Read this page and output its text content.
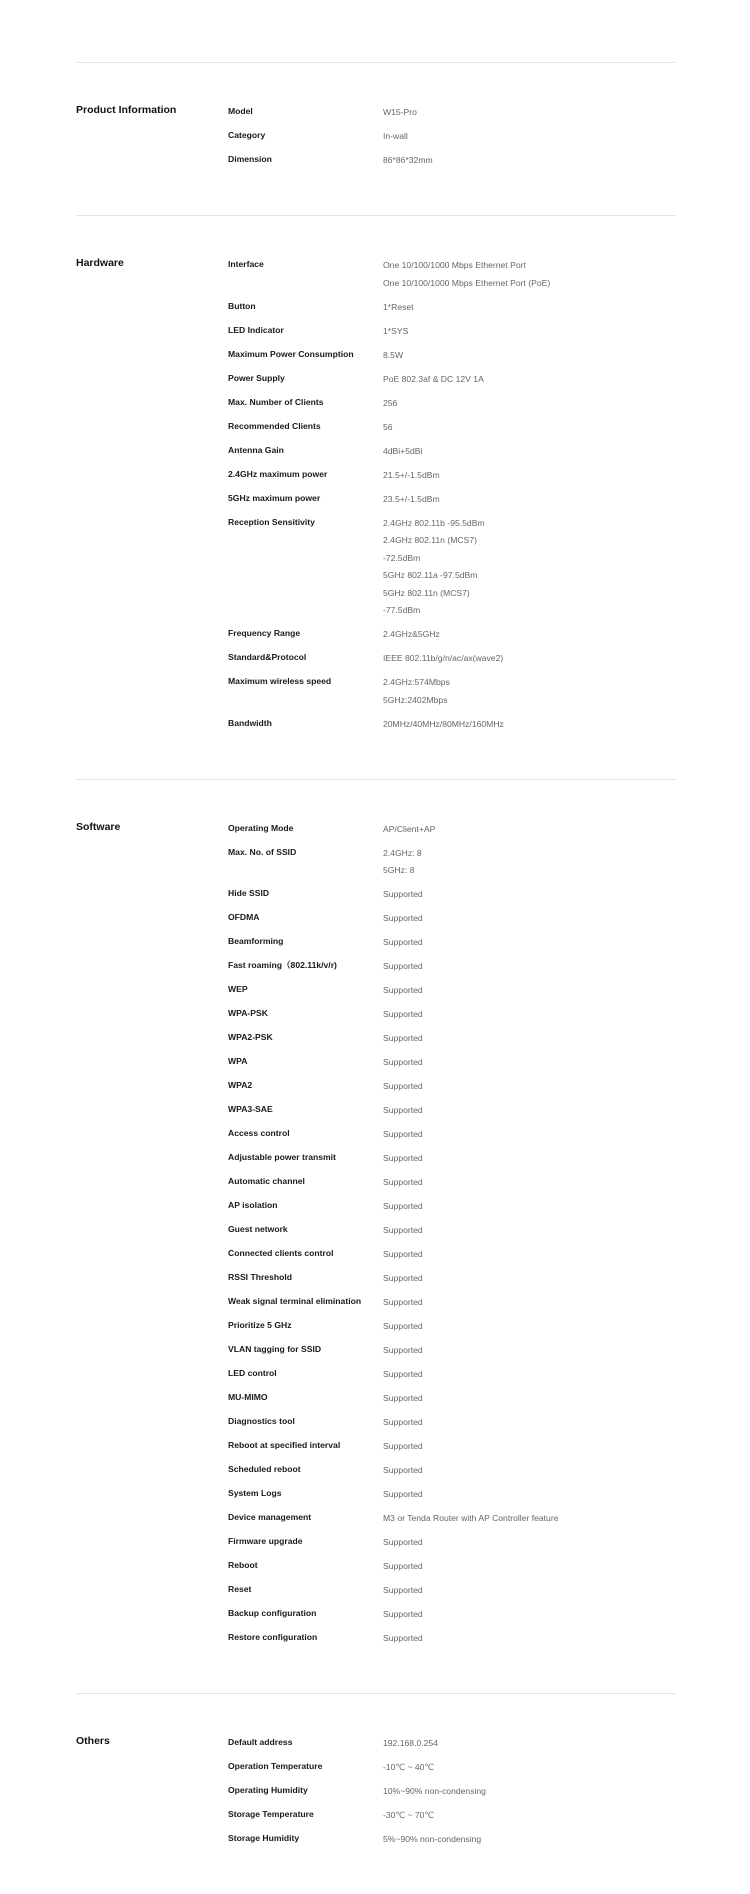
Product Information	Model	W15-Pro
Category	In-wall
Dimension	86*86*32mm
Hardware	Interface	One 10/100/1000 Mbps Ethernet Port
One 10/100/1000 Mbps Ethernet Port (PoE)
Button	1*Reset
LED Indicator	1*SYS
Maximum Power Consumption	8.5W
Power Supply	PoE 802.3af & DC 12V 1A
Max. Number of Clients	256
Recommended Clients	56
Antenna Gain	4dBi+5dBi
2.4GHz maximum power	21.5+/-1.5dBm
5GHz maximum power	23.5+/-1.5dBm
Reception Sensitivity	2.4GHz 802.11b -95.5dBm
2.4GHz 802.11n (MCS7)
-72.5dBm
5GHz 802.11a -97.5dBm
5GHz 802.11n (MCS7)
-77.5dBm
Frequency Range	2.4GHz&5GHz
Standard&Protocol	IEEE 802.11b/g/n/ac/ax(wave2)
Maximum wireless speed	2.4GHz:574Mbps
5GHz:2402Mbps
Bandwidth	20MHz/40MHz/80MHz/160MHz
Software	Operating Mode	AP/Client+AP
Max. No. of SSID	2.4GHz: 8
5GHz: 8
Hide SSID	Supported
OFDMA	Supported
Beamforming	Supported
Fast roaming（802.11k/v/r)	Supported
WEP	Supported
WPA-PSK	Supported
WPA2-PSK	Supported
WPA	Supported
WPA2	Supported
WPA3-SAE	Supported
Access control	Supported
Adjustable power transmit	Supported
Automatic channel	Supported
AP isolation	Supported
Guest network	Supported
Connected clients control	Supported
RSSI Threshold	Supported
Weak signal terminal elimination	Supported
Prioritize 5 GHz	Supported
VLAN tagging for SSID	Supported
LED control	Supported
MU-MIMO	Supported
Diagnostics tool	Supported
Reboot at specified interval	Supported
Scheduled reboot	Supported
System Logs	Supported
Device management	M3 or Tenda Router with AP Controller feature
Firmware upgrade	Supported
Reboot	Supported
Reset	Supported
Backup configuration	Supported
Restore configuration	Supported
Others	Default address	192.168.0.254
Operation Temperature	-10℃ ~ 40℃
Operating Humidity	10%~90% non-condensing
Storage Temperature	-30℃ ~ 70℃
Storage Humidity	5%~90% non-condensing
